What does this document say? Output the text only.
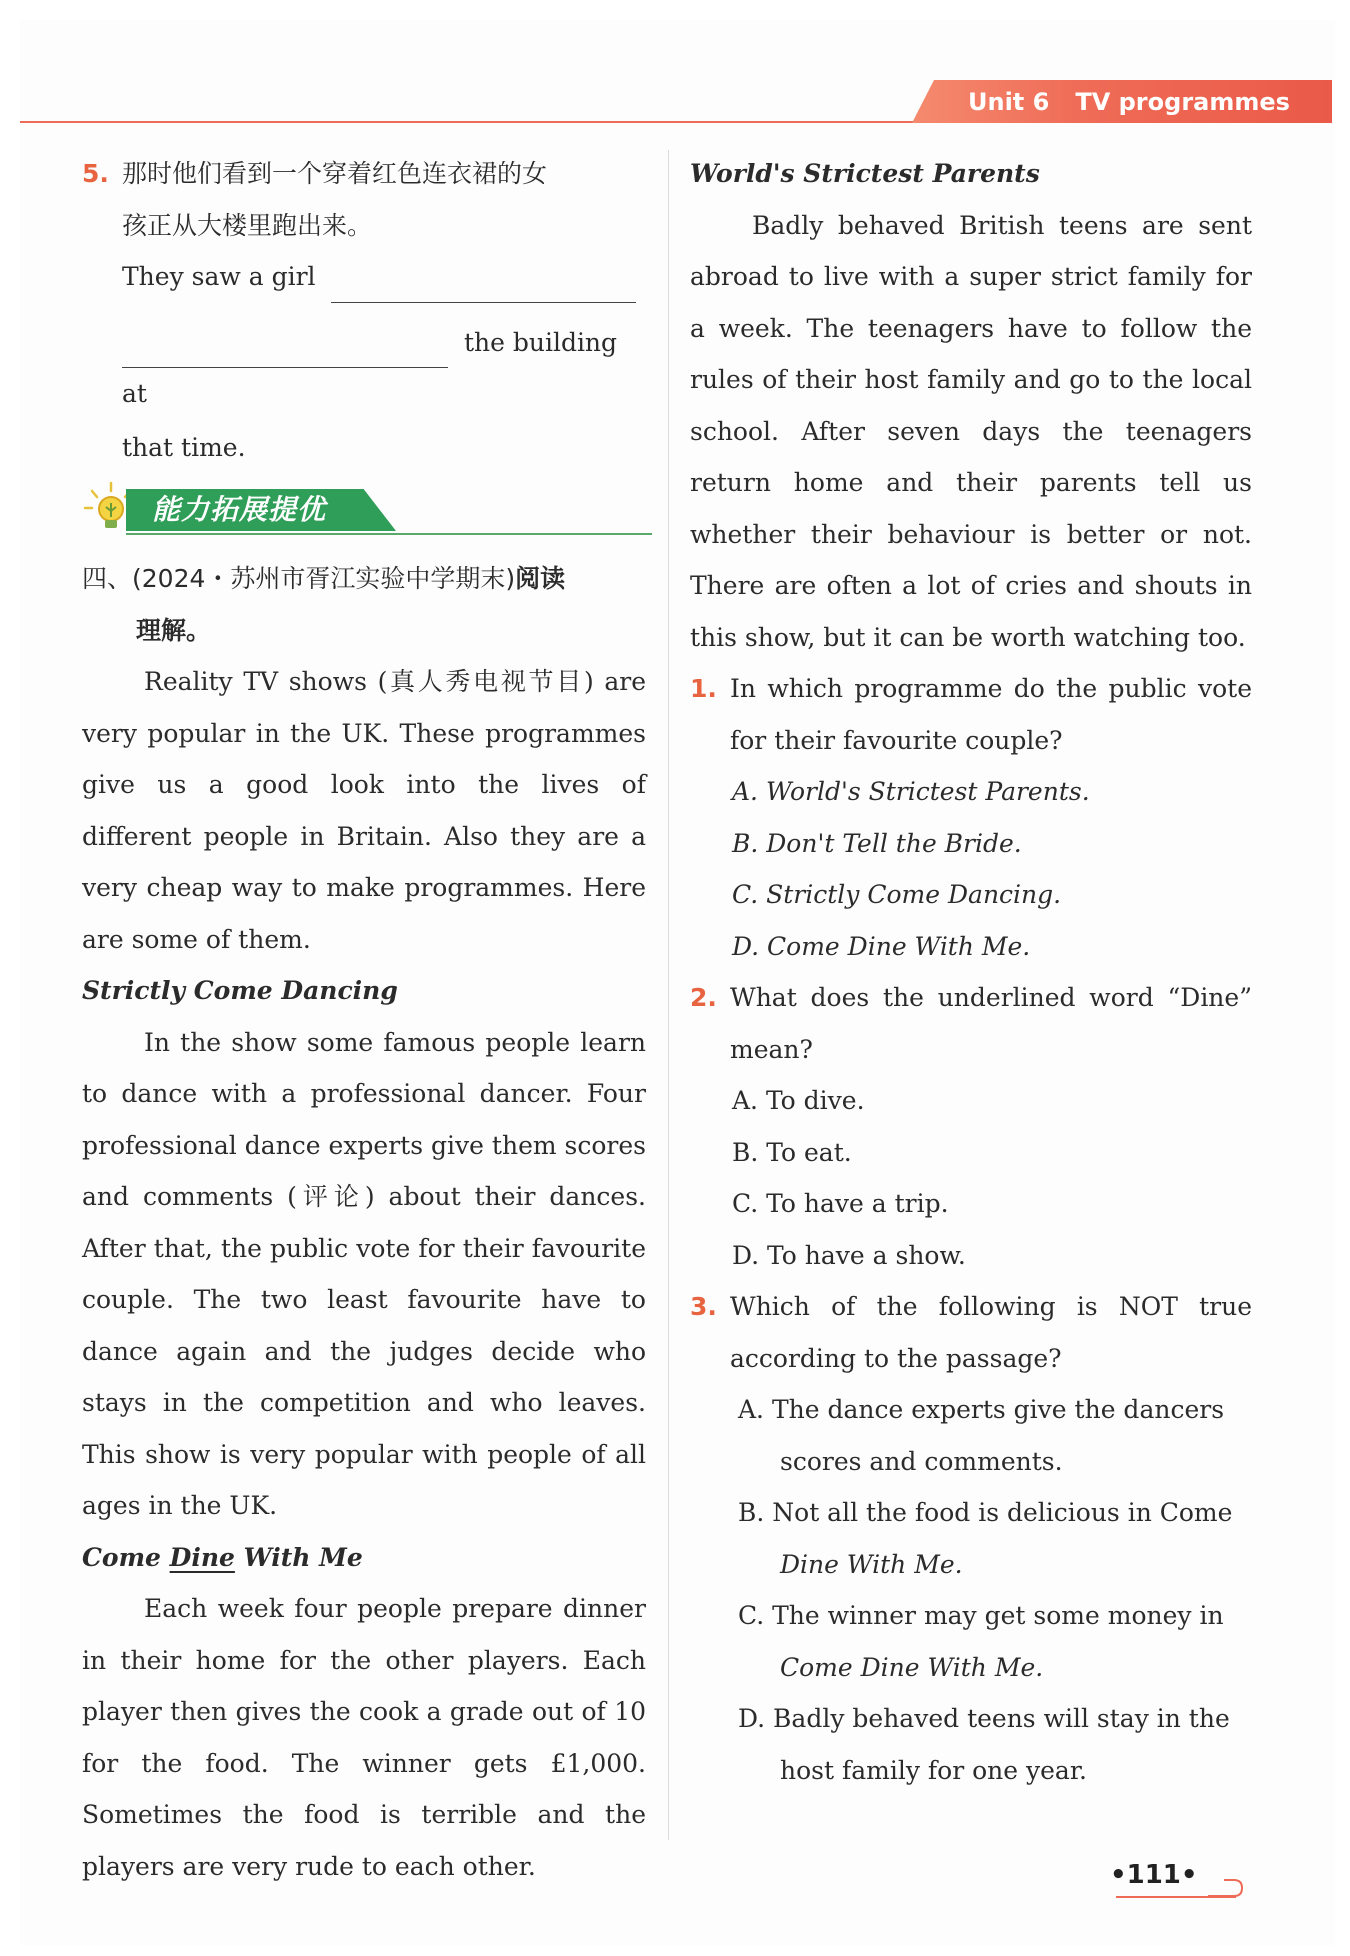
Unit 6 TV programmes
5. 那时他们看到一个穿着红色连衣裙的女

孩正从大楼里跑出来。

They saw a girl

the building at

that time.

能力拓展提优

四、(2024・苏州市胥江实验中学期末)阅读
理解。

Reality TV shows (真人秀电视节目) are very popular in the UK. These programmes give us a good look into the lives of different people in Britain. Also they are a very cheap way to make programmes. Here are some of them.

Strictly Come Dancing

In the show some famous people learn to dance with a professional dancer. Four professional dance experts give them scores and comments (评论) about their dances. After that, the public vote for their favourite couple. The two least favourite have to dance again and the judges decide who stays in the competition and who leaves. This show is very popular with people of all ages in the UK.

Come Dine With Me

Each week four people prepare dinner in their home for the other players. Each player then gives the cook a grade out of 10 for the food. The winner gets £1,000. Sometimes the food is terrible and the players are very rude to each other.

World's Strictest Parents

Badly behaved British teens are sent abroad to live with a super strict family for a week. The teenagers have to follow the rules of their host family and go to the local school. After seven days the teenagers return home and their parents tell us whether their behaviour is better or not. There are often a lot of cries and shouts in this show, but it can be worth watching too.

1. In which programme do the public vote for their favourite couple?

A. World's Strictest Parents.

B. Don't Tell the Bride.

C. Strictly Come Dancing.

D. Come Dine With Me.

2. What does the underlined word “Dine” mean?

A. To dive.

B. To eat.

C. To have a trip.

D. To have a show.

3. Which of the following is NOT true according to the passage?

A. The dance experts give the dancers

scores and comments.

B. Not all the food is delicious in Come

Dine With Me.

C. The winner may get some money in

Come Dine With Me.

D. Badly behaved teens will stay in the

host family for one year.

•111•
